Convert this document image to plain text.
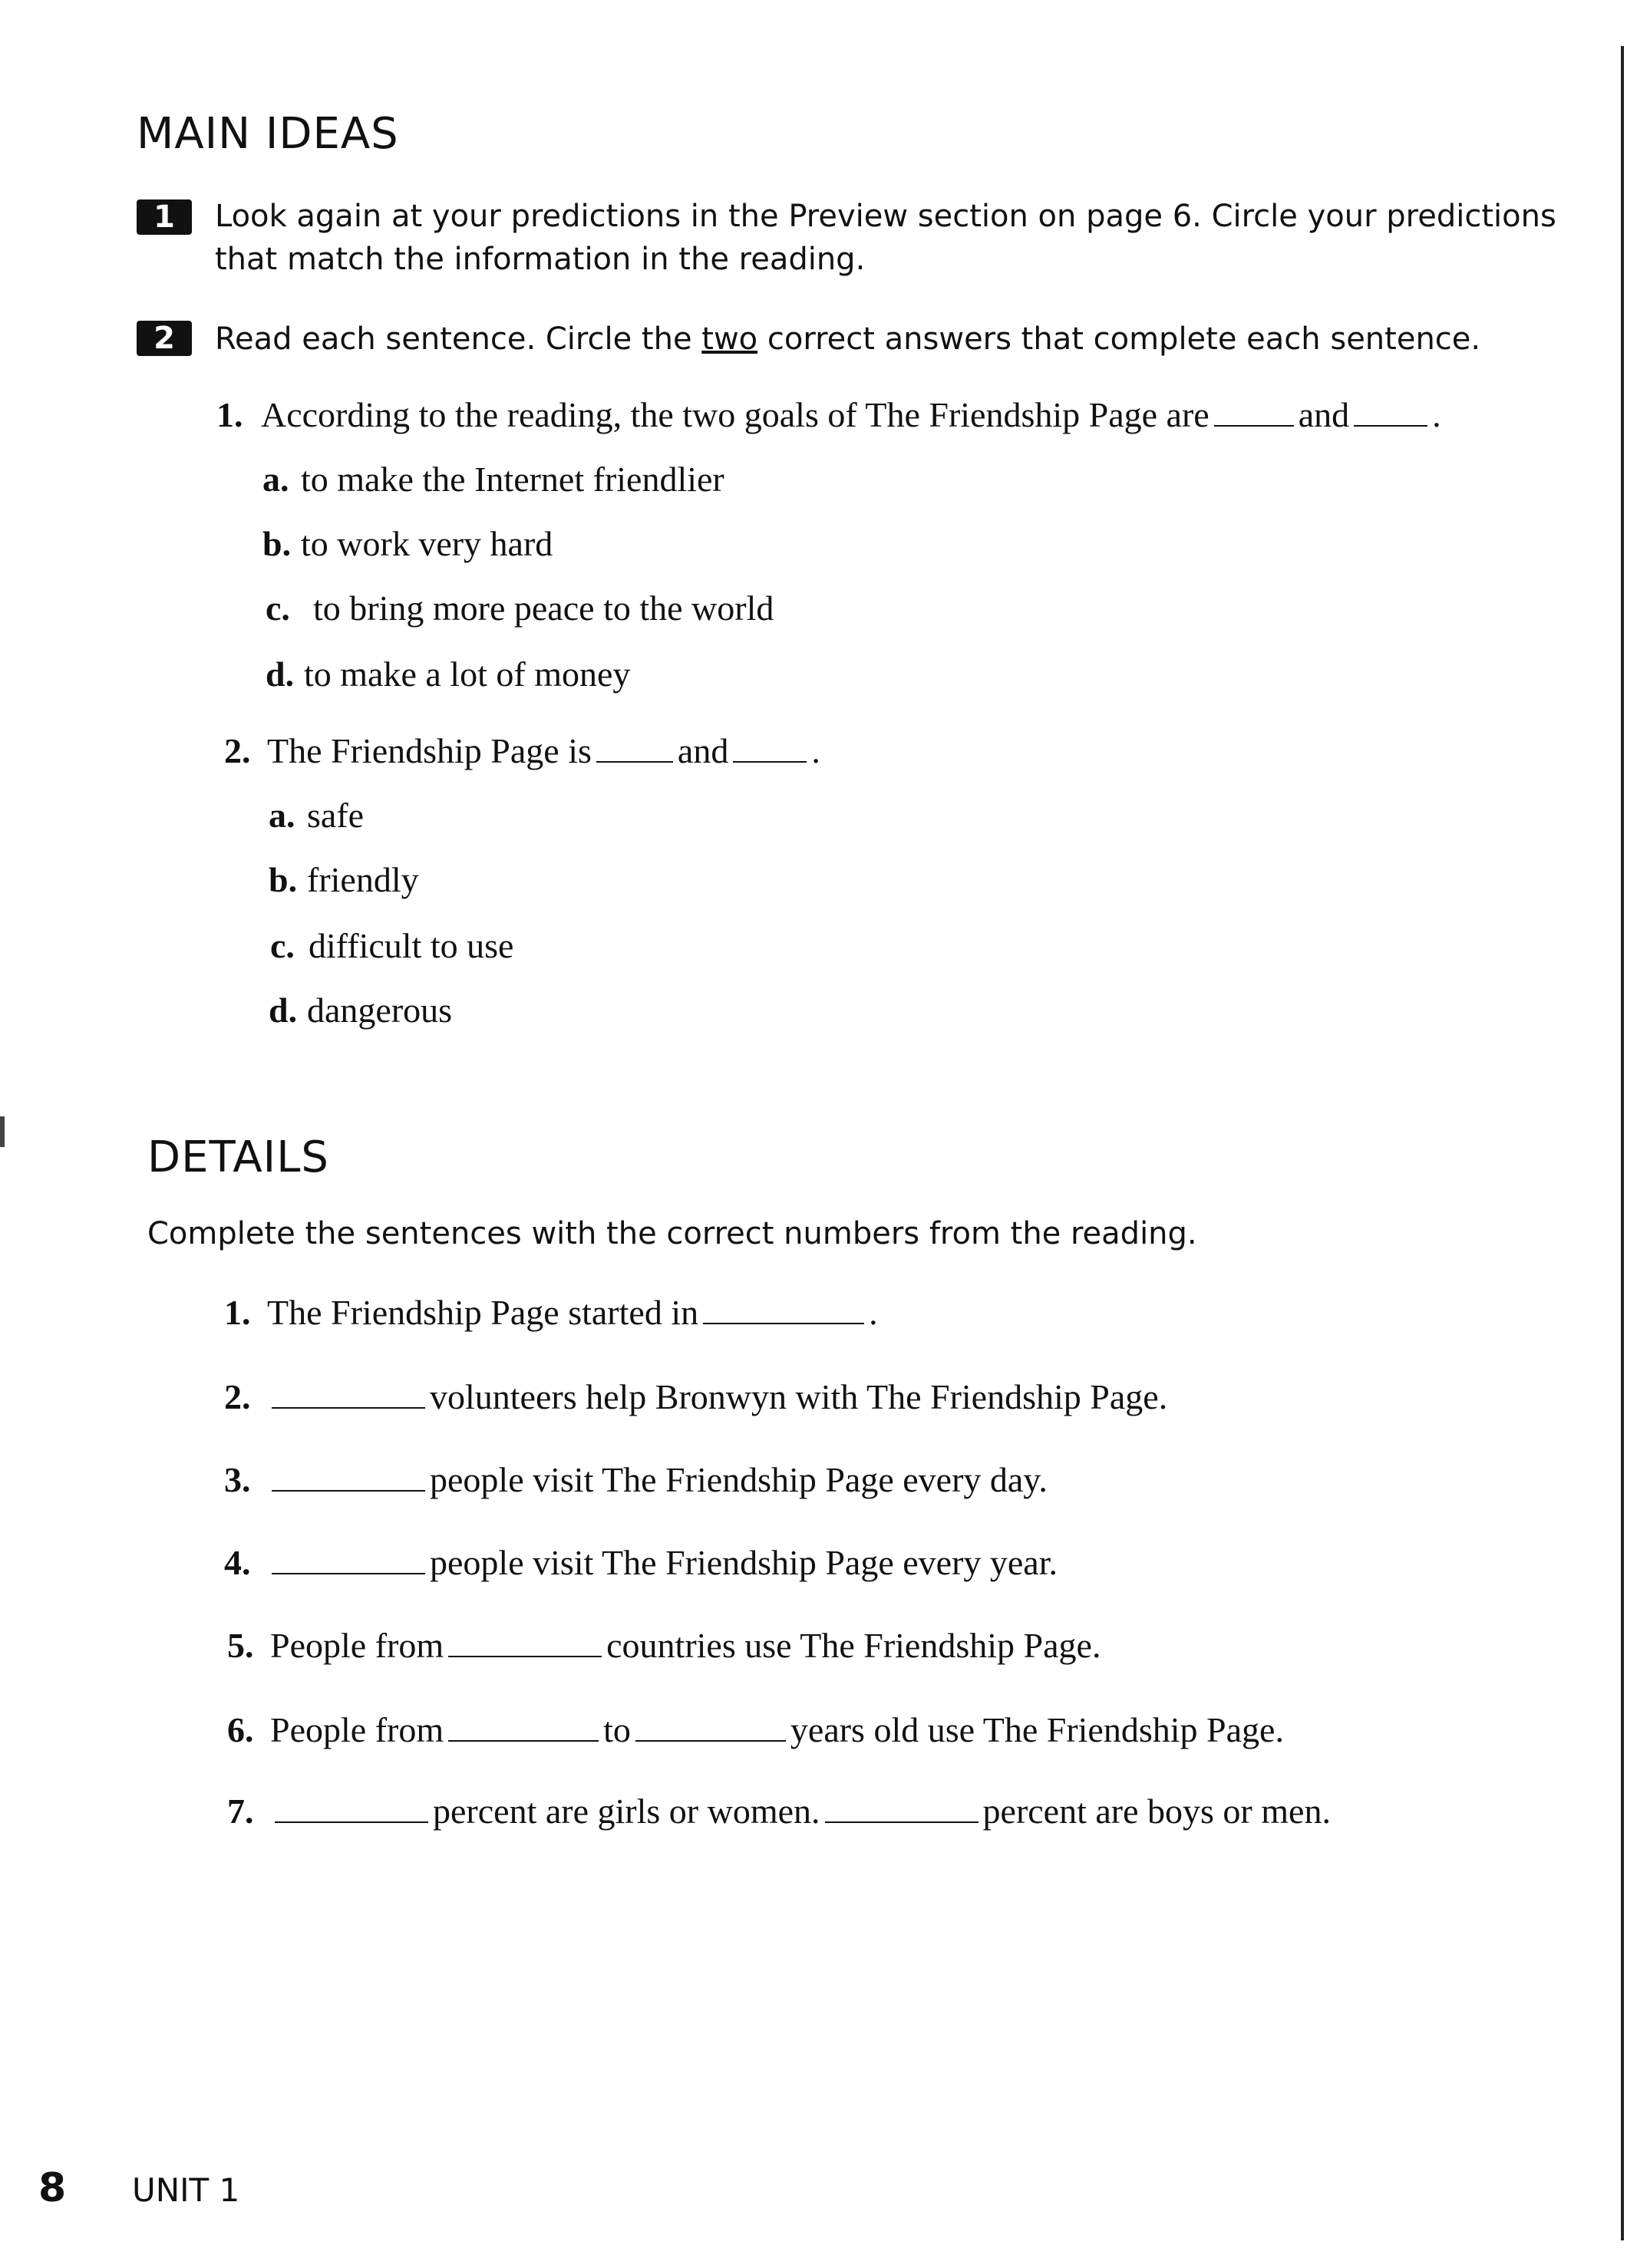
MAIN IDEAS
1	Look again at your predictions in the Preview section on page 6. Circle your predictions
that match the information in the reading.
2	Read each sentence. Circle the two correct answers that complete each sentence.
1. According to the reading, the two goals of The Friendship Page are	and .
a. to make the Internet friendlier
b. to work very hard
c. to bring more peace to the world
d. to make a lot of money
2. The Friendship Page is and .
a. safe
b. friendly
c. difficult to use
d. dangerous
DETAILS
Complete the sentences with the correct numbers from the reading.
1. The Friendship Page started in	.
2.	volunteers help Bronwyn with The Friendship Page.
3.	people visit The Friendship Page every day.
4.	people visit The Friendship Page every year.
5. People from	countries use The Friendship Page.
6. People from	to	years old use The Friendship Page.
7.	percent are girls or women.	percent are boys or men.
8 UNIT 1
